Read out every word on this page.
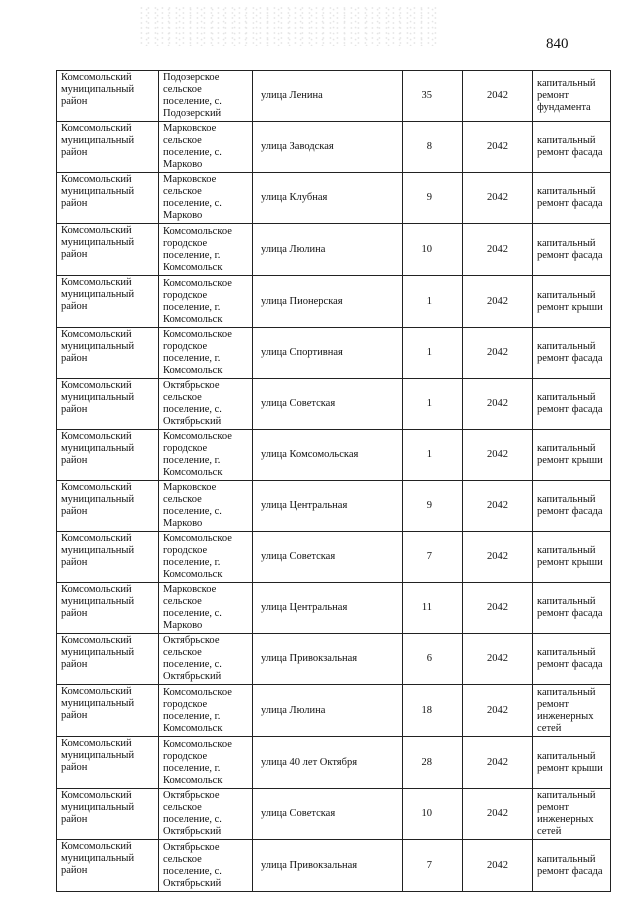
840
Комсомольский муниципальный район	Подозерское сельское поселение, с. Подозерский	улица Ленина	35	2042	капитальный ремонт фундамента
Комсомольский муниципальный район	Марковское сельское поселение, с. Марково	улица Заводская	8	2042	капитальный ремонт фасада
Комсомольский муниципальный район	Марковское сельское поселение, с. Марково	улица Клубная	9	2042	капитальный ремонт фасада
Комсомольский муниципальный район	Комсомольское городское поселение, г. Комсомольск	улица Люлина	10	2042	капитальный ремонт фасада
Комсомольский муниципальный район	Комсомольское городское поселение, г. Комсомольск	улица Пионерская	1	2042	капитальный ремонт крыши
Комсомольский муниципальный район	Комсомольское городское поселение, г. Комсомольск	улица Спортивная	1	2042	капитальный ремонт фасада
Комсомольский муниципальный район	Октябрьское сельское поселение, с. Октябрьский	улица Советская	1	2042	капитальный ремонт фасада
Комсомольский муниципальный район	Комсомольское городское поселение, г. Комсомольск	улица Комсомольская	1	2042	капитальный ремонт крыши
Комсомольский муниципальный район	Марковское сельское поселение, с. Марково	улица Центральная	9	2042	капитальный ремонт фасада
Комсомольский муниципальный район	Комсомольское городское поселение, г. Комсомольск	улица Советская	7	2042	капитальный ремонт крыши
Комсомольский муниципальный район	Марковское сельское поселение, с. Марково	улица Центральная	11	2042	капитальный ремонт фасада
Комсомольский муниципальный район	Октябрьское сельское поселение, с. Октябрьский	улица Привокзальная	6	2042	капитальный ремонт фасада
Комсомольский муниципальный район	Комсомольское городское поселение, г. Комсомольск	улица Люлина	18	2042	капитальный ремонт инженерных сетей
Комсомольский муниципальный район	Комсомольское городское поселение, г. Комсомольск	улица 40 лет Октября	28	2042	капитальный ремонт крыши
Комсомольский муниципальный район	Октябрьское сельское поселение, с. Октябрьский	улица Советская	10	2042	капитальный ремонт инженерных сетей
Комсомольский муниципальный район	Октябрьское сельское поселение, с. Октябрьский	улица Привокзальная	7	2042	капитальный ремонт фасада
